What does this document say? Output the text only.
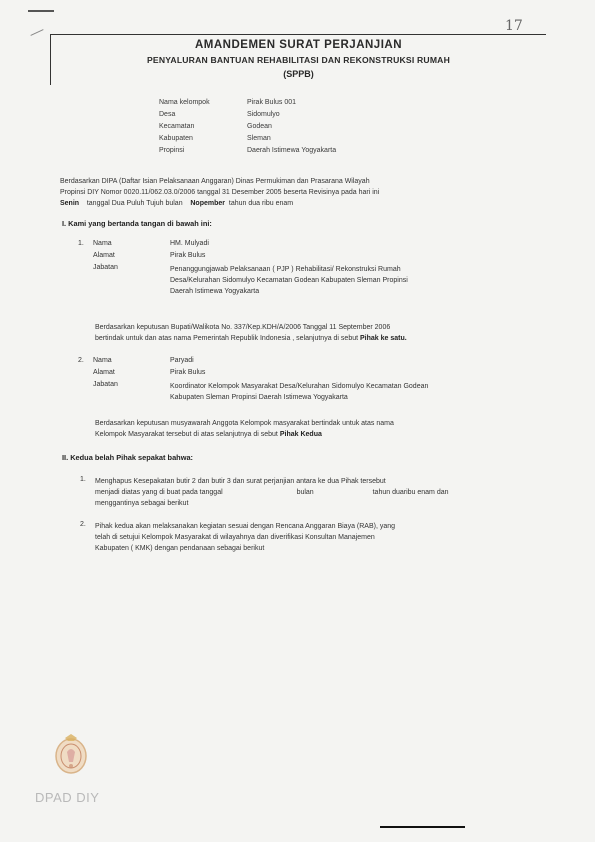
17
AMANDEMEN SURAT PERJANJIAN
PENYALURAN BANTUAN REHABILITASI DAN REKONSTRUKSI RUMAH
(SPPB)
Nama kelompok	Pirak Bulus 001
Desa	Sidomulyo
Kecamatan	Godean
Kabupaten	Sleman
Propinsi	Daerah Istimewa Yogyakarta
Berdasarkan DIPA (Daftar Isian Pelaksanaan Anggaran) Dinas Permukiman dan Prasarana Wilayah
Propinsi DIY Nomor 0020.11/062.03.0/2006 tanggal 31 Desember 2005 beserta Revisinya pada hari ini
Senin tanggal Dua Puluh Tujuh bulan Nopember tahun dua ribu enam
I. Kami yang bertanda tangan di bawah ini:
1. Nama	HM. Mulyadi
Alamat	Pirak Bulus
Jabatan	Penanggungjawab Pelaksanaan ( PJP ) Rehabilitasi/ Rekonstruksi Rumah
Desa/Kelurahan Sidomulyo Kecamatan Godean Kabupaten Sleman Propinsi
Daerah Istimewa Yogyakarta
Berdasarkan keputusan Bupati/Walikota No. 337/Kep.KDH/A/2006 Tanggal 11 September 2006
bertindak untuk dan atas nama Pemerintah Republik Indonesia , selanjutnya di sebut Pihak ke satu.
2. Nama	Paryadi
Alamat	Pirak Bulus
Jabatan	Koordinator Kelompok Masyarakat Desa/Kelurahan Sidomulyo Kecamatan Godean
Kabupaten Sleman Propinsi Daerah Istimewa Yogyakarta
Berdasarkan keputusan musyawarah Anggota Kelompok masyarakat bertindak untuk atas nama
Kelompok Masyarakat tersebut di atas selanjutnya di sebut Pihak Kedua
II. Kedua belah Pihak sepakat bahwa:
1. Menghapus Kesepakatan butir 2 dan butir 3 dan surat perjanjian antara ke dua Pihak tersebut
menjadi diatas yang di buat pada tanggal	bulan	tahun duaribu enam dan
menggantinya sebagai berikut
2. Pihak kedua akan melaksanakan kegiatan sesuai dengan Rencana Anggaran Biaya (RAB), yang
telah di setujui Kelompok Masyarakat di wilayahnya dan diverifikasi Konsultan Manajemen
Kabupaten ( KMK) dengan pendanaan sebagai berikut
DPAD DIY
